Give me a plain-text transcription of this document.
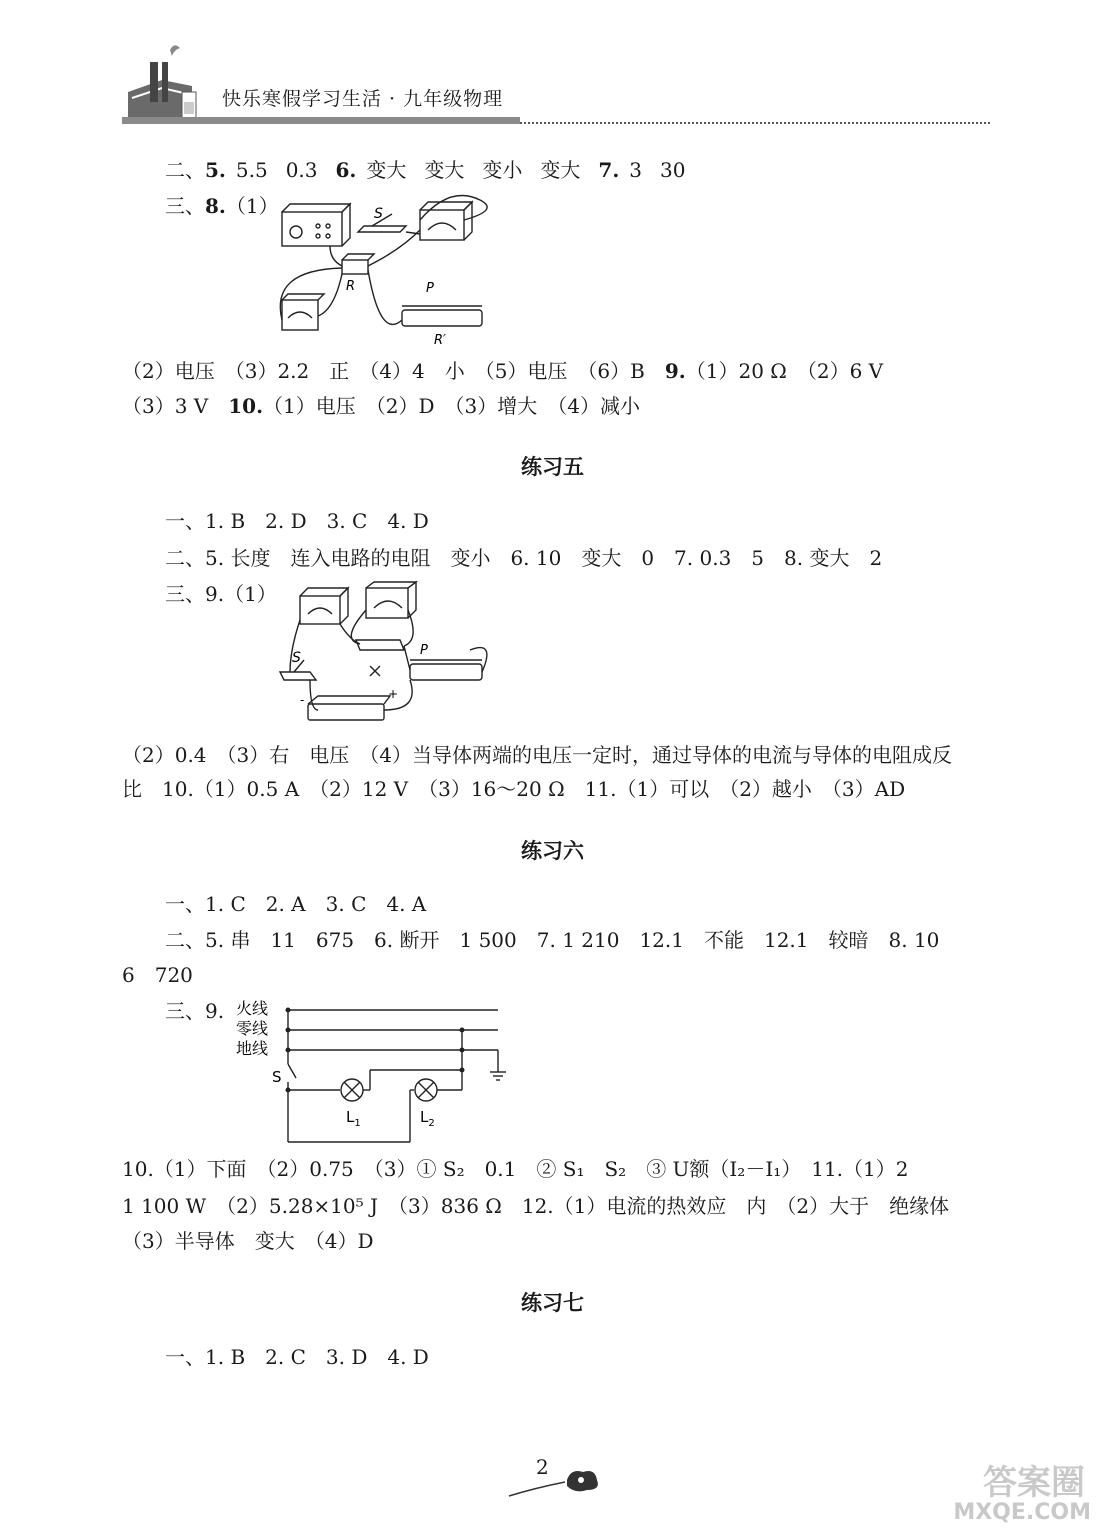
快乐寒假学习生活 · 九年级物理
二、5. 5.5 0.3 6. 变大 变大 变小 变大 7. 3 30
三、8.（1）	S
R	P
R′
（2）电压　（3）2.2　正　（4）4　小　（5）电压　（6）B　 9.（1）20 Ω　（2）6 V
（3）3 V　 10.（1）电压　（2）D　（3）增大　（4）减小
练习五
一、1. B　2. D　3. C　4. D
二、5. 长度　连入电路的电阻　变小　6. 10　变大　0　7. 0.3　5　8. 变大　2
三、9.（1）
S	P
-	+
（2）0.4　（3）右　电压　（4）当导体两端的电压一定时，通过导体的电流与导体的电阻成反
比　10.（1）0.5 A　（2）12 V　（3）16～20 Ω　11.（1）可以　（2）越小　（3）AD
练习六
一、1. C　2. A　3. C　4. A
二、5. 串　11　675　6. 断开　1 500　7. 1 210　12.1　不能　12.1　较暗　8. 10
6　720
三、9. 火线
零线
地线
S
$L_1$	$L_2$
10.（1）下面　（2）0.75　（3）① S₂　0.1　② S₁　S₂　③ U额（I₂－I₁）　11.（1）2
1 100 W　（2）5.28×10⁵ J　（3）836 Ω　12.（1）电流的热效应　内　（2）大于　绝缘体
（3）半导体　变大　（4）D
练习七
一、1. B　2. C　3. D　4. D
2	答案圈
MXQE.COM
